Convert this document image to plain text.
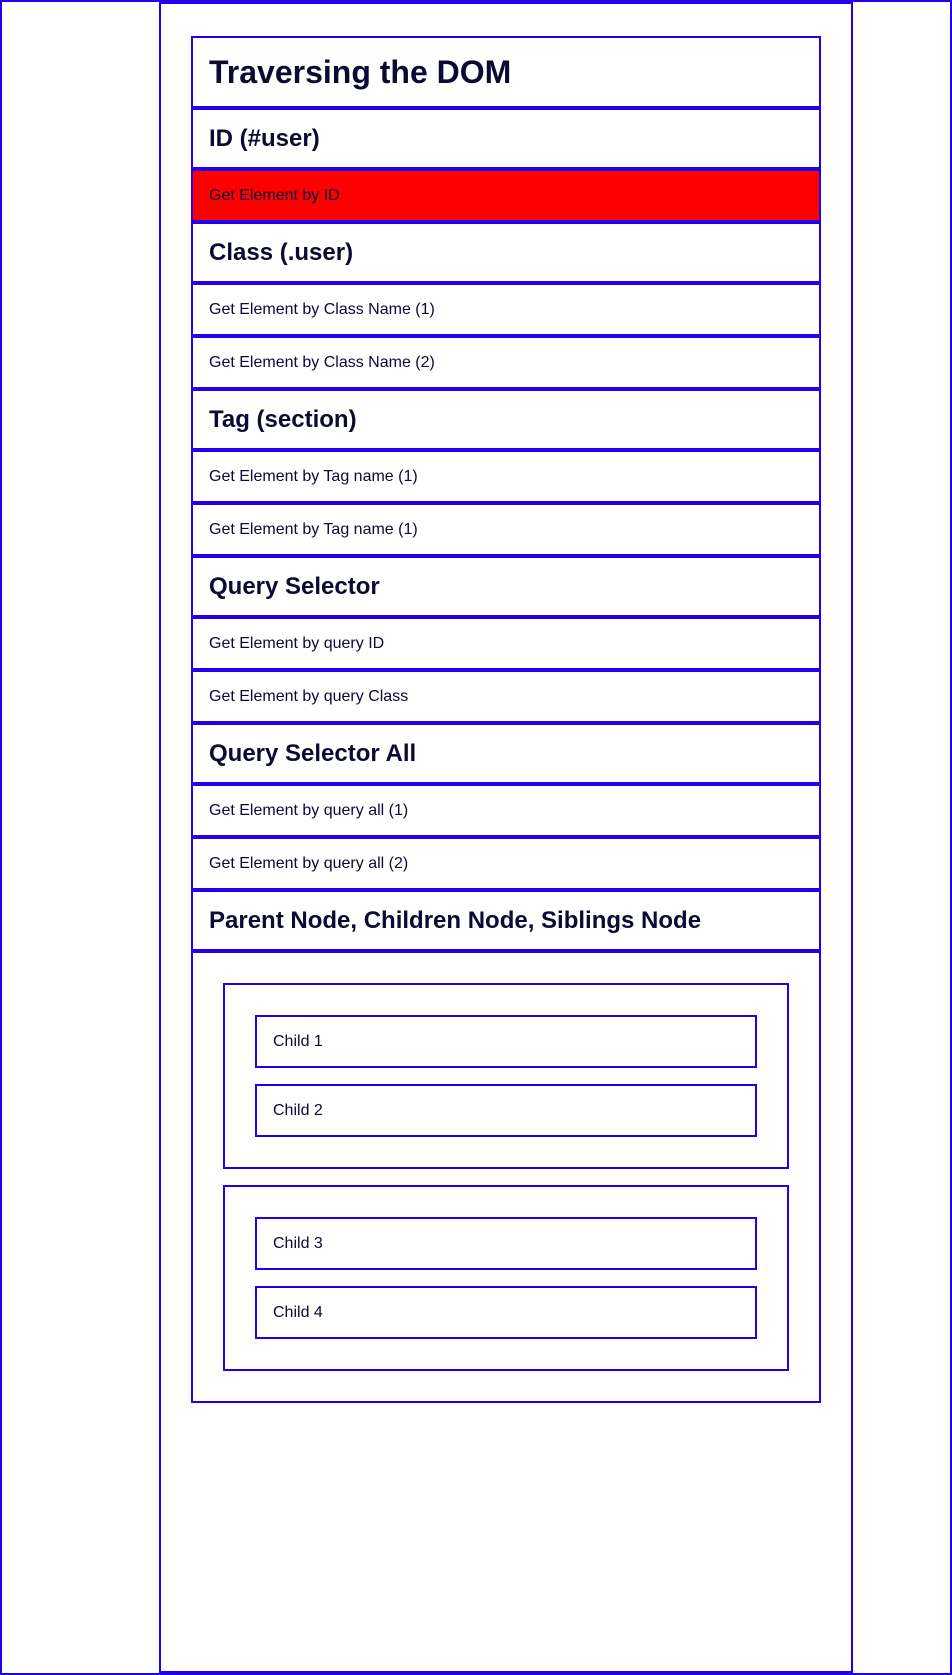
Traversing the DOM
ID (#user)
Get Element by ID
Class (.user)
Get Element by Class Name (1)
Get Element by Class Name (2)
Tag (section)
Get Element by Tag name (1)
Get Element by Tag name (1)
Query Selector
Get Element by query ID
Get Element by query Class
Query Selector All
Get Element by query all (1)
Get Element by query all (2)
Parent Node, Children Node, Siblings Node
Child 1
Child 2
Child 3
Child 4
